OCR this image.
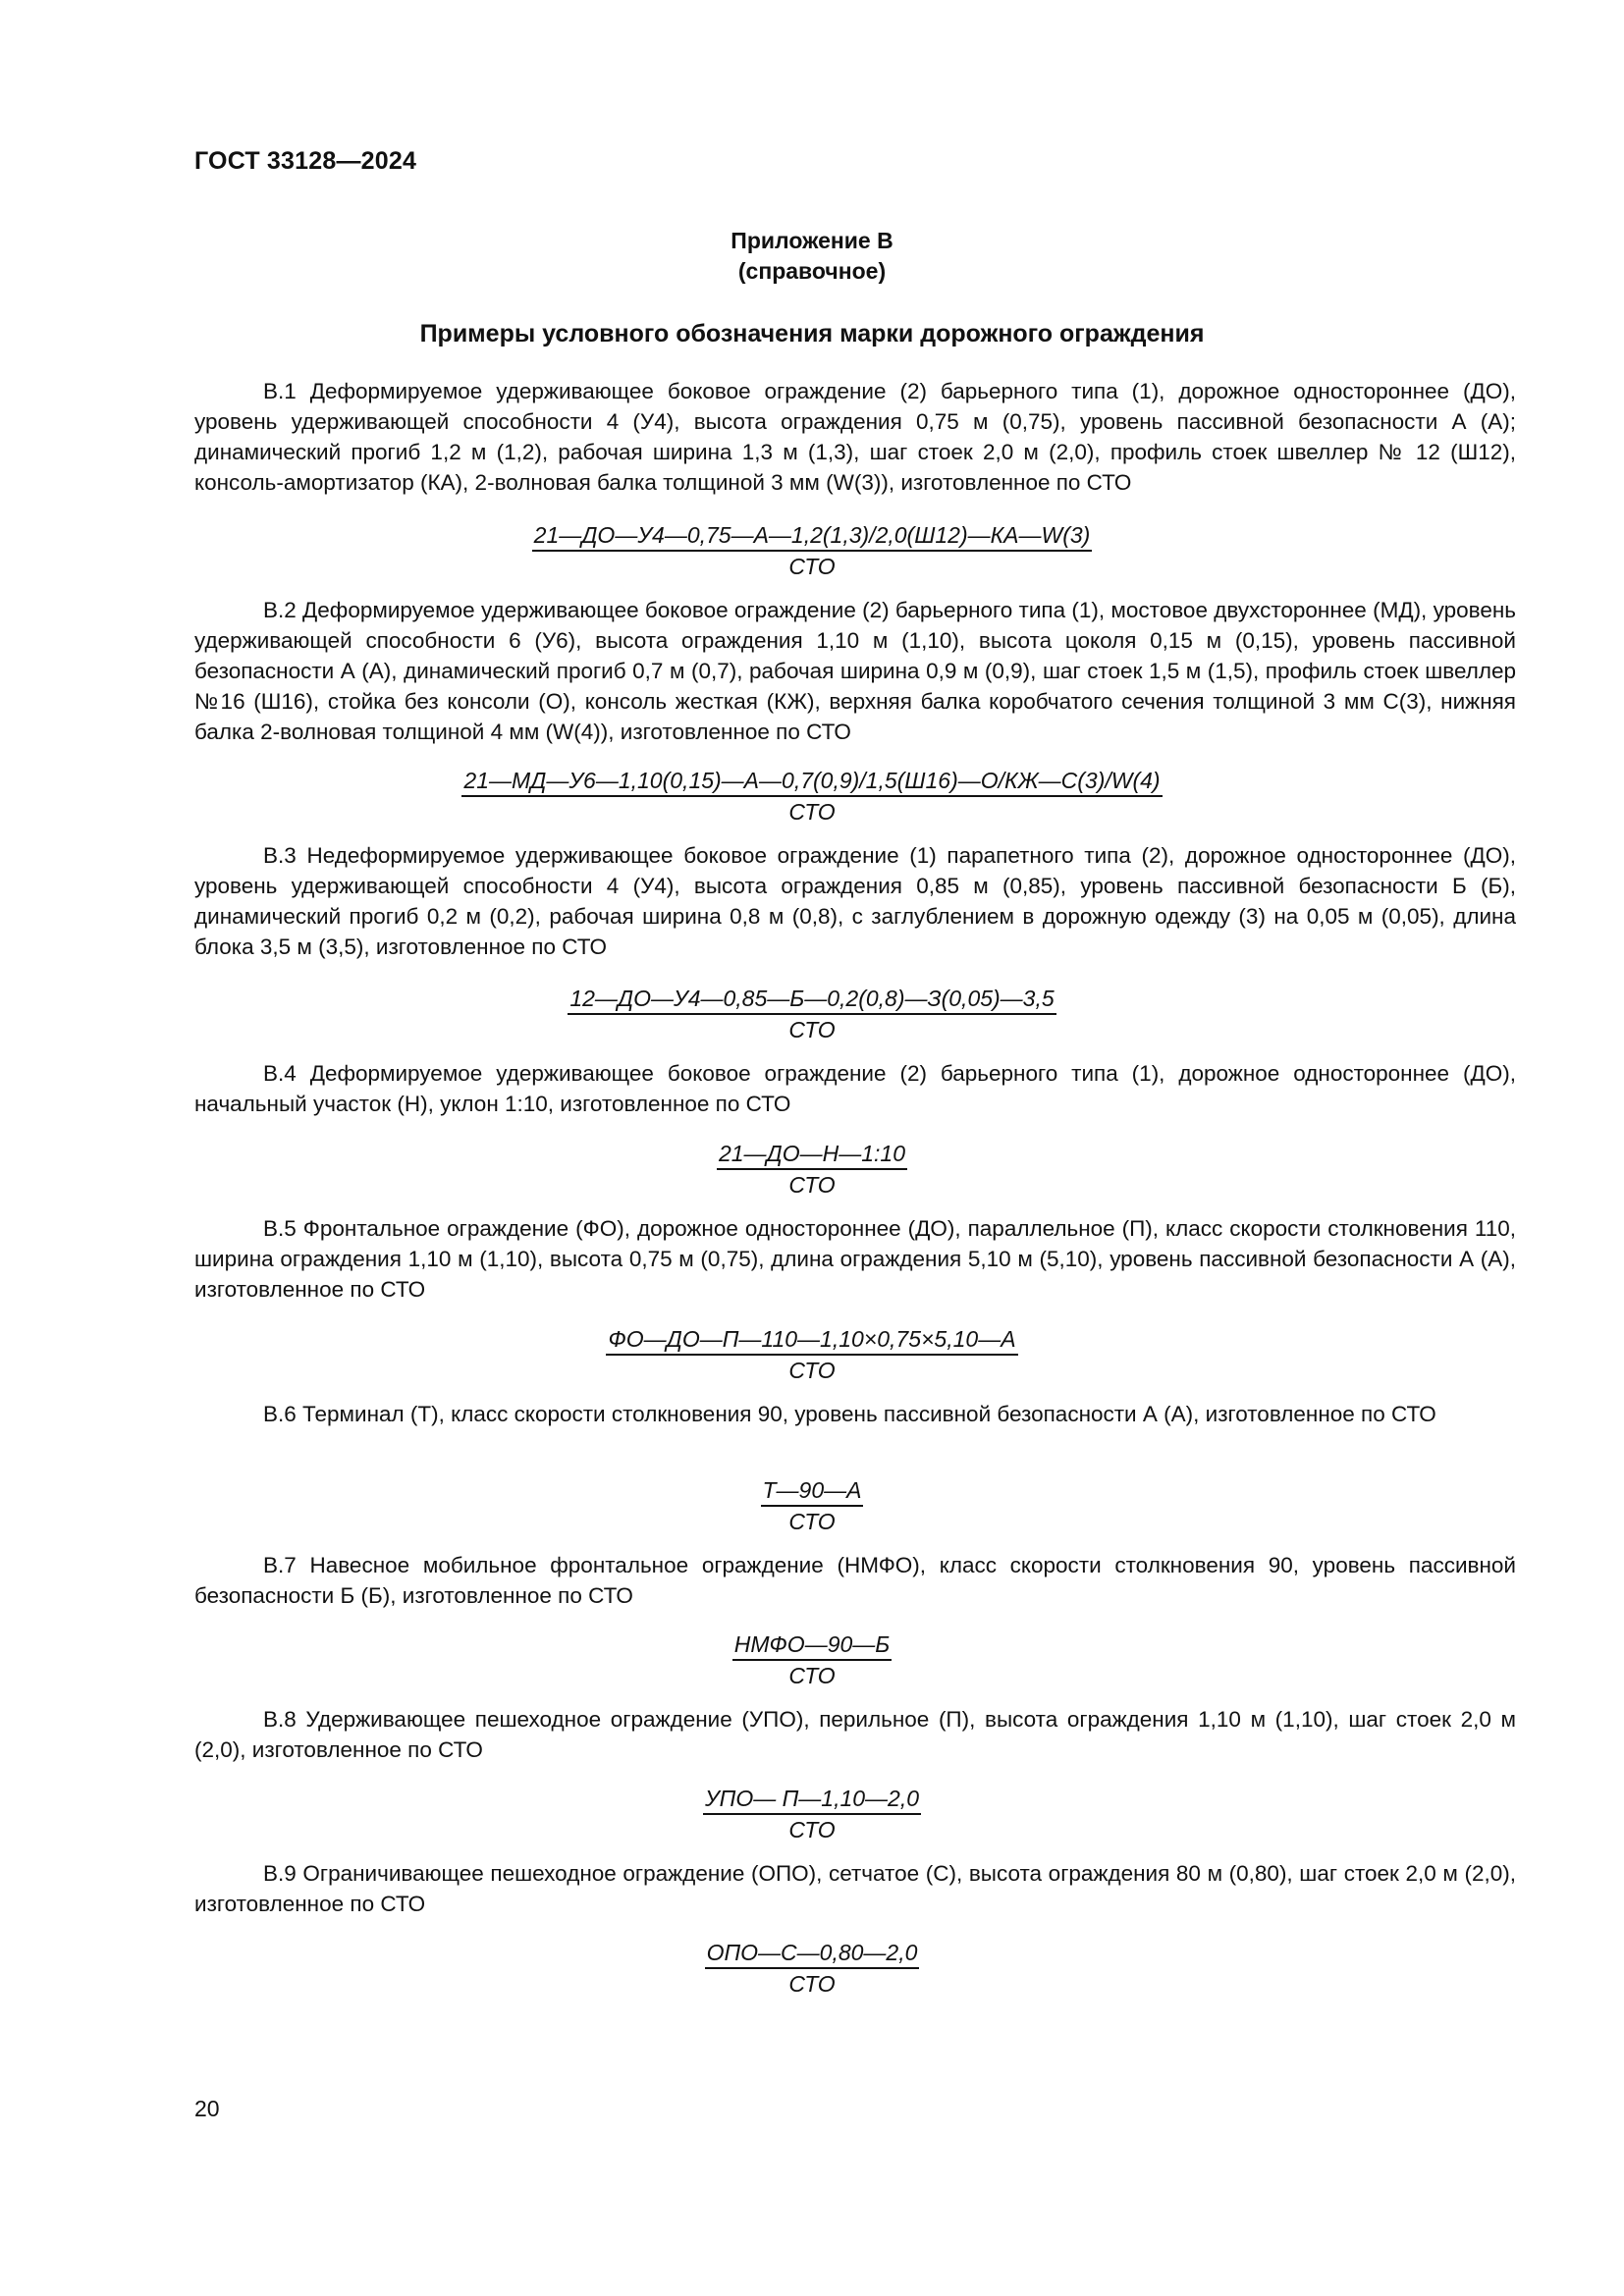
ГОСТ 33128—2024
Приложение В
(справочное)
Примеры условного обозначения марки дорожного ограждения

В.1 Деформируемое удерживающее боковое ограждение (2) барьерного типа (1), дорожное одностороннее (ДО), уровень удерживающей способности 4 (У4), высота ограждения 0,75 м (0,75), уровень пассивной безопасности А (А); динамический прогиб 1,2 м (1,2), рабочая ширина 1,3 м (1,3), шаг стоек 2,0 м (2,0), профиль стоек швеллер № 12 (Ш12), консоль-амортизатор (КА), 2-волновая балка толщиной 3 мм (W(3)), изготовленное по СТО

$\frac{21—ДО—У4—0,75—А—1,2(1,3)/2,0(Ш12)—КА—W(3)}{\text{СТО}}$

В.2 Деформируемое удерживающее боковое ограждение (2) барьерного типа (1), мостовое двухстороннее (МД), уровень удерживающей способности 6 (У6), высота ограждения 1,10 м (1,10), высота цоколя 0,15 м (0,15), уровень пассивной безопасности А (А), динамический прогиб 0,7 м (0,7), рабочая ширина 0,9 м (0,9), шаг стоек 1,5 м (1,5), профиль стоек швеллер №16 (Ш16), стойка без консоли (О), консоль жесткая (КЖ), верхняя балка коробчатого сечения толщиной 3 мм С(3), нижняя балка 2-волновая толщиной 4 мм (W(4)), изготовленное по СТО

$\frac{21—МД—У6—1,10(0,15)—А—0,7(0,9)/1,5(Ш16)—О/КЖ—С(3)/W(4)}{\text{СТО}}$

В.3 Недеформируемое удерживающее боковое ограждение (1) парапетного типа (2), дорожное одностороннее (ДО), уровень удерживающей способности 4 (У4), высота ограждения 0,85 м (0,85), уровень пассивной безопасности Б (Б), динамический прогиб 0,2 м (0,2), рабочая ширина 0,8 м (0,8), с заглублением в дорожную одежду (3) на 0,05 м (0,05), длина блока 3,5 м (3,5), изготовленное по СТО

$\frac{12—ДО—У4—0,85—Б—0,2(0,8)—З(0,05)—3,5}{\text{СТО}}$

В.4 Деформируемое удерживающее боковое ограждение (2) барьерного типа (1), дорожное одностороннее (ДО), начальный участок (Н), уклон 1:10, изготовленное по СТО

$\frac{21—ДО—Н—1:10}{\text{СТО}}$

В.5 Фронтальное ограждение (ФО), дорожное одностороннее (ДО), параллельное (П), класс скорости столкновения 110, ширина ограждения 1,10 м (1,10), высота 0,75 м (0,75), длина ограждения 5,10 м (5,10), уровень пассивной безопасности А (А), изготовленное по СТО

$\frac{ФО—ДО—П—110—1,10\times 0,75\times 5,10—А}{\text{СТО}}$

В.6 Терминал (Т), класс скорости столкновения 90, уровень пассивной безопасности А (А), изготовленное по СТО

$\frac{Т—90—А}{\text{СТО}}$

В.7 Навесное мобильное фронтальное ограждение (НМФО), класс скорости столкновения 90, уровень пассивной безопасности Б (Б), изготовленное по СТО

$\frac{\text{НМФО—90—Б}}{\text{СТО}}$

В.8 Удерживающее пешеходное ограждение (УПО), перильное (П), высота ограждения 1,10 м (1,10), шаг стоек 2,0 м (2,0), изготовленное по СТО

$\frac{\text{УПО— П—1,10—2,0}}{\text{СТО}}$

В.9 Ограничивающее пешеходное ограждение (ОПО), сетчатое (С), высота ограждения 80 м (0,80), шаг стоек 2,0 м (2,0), изготовленное по СТО

$\frac{\text{ОПО—С—0,80—2,0}}{\text{СТО}}$
20
